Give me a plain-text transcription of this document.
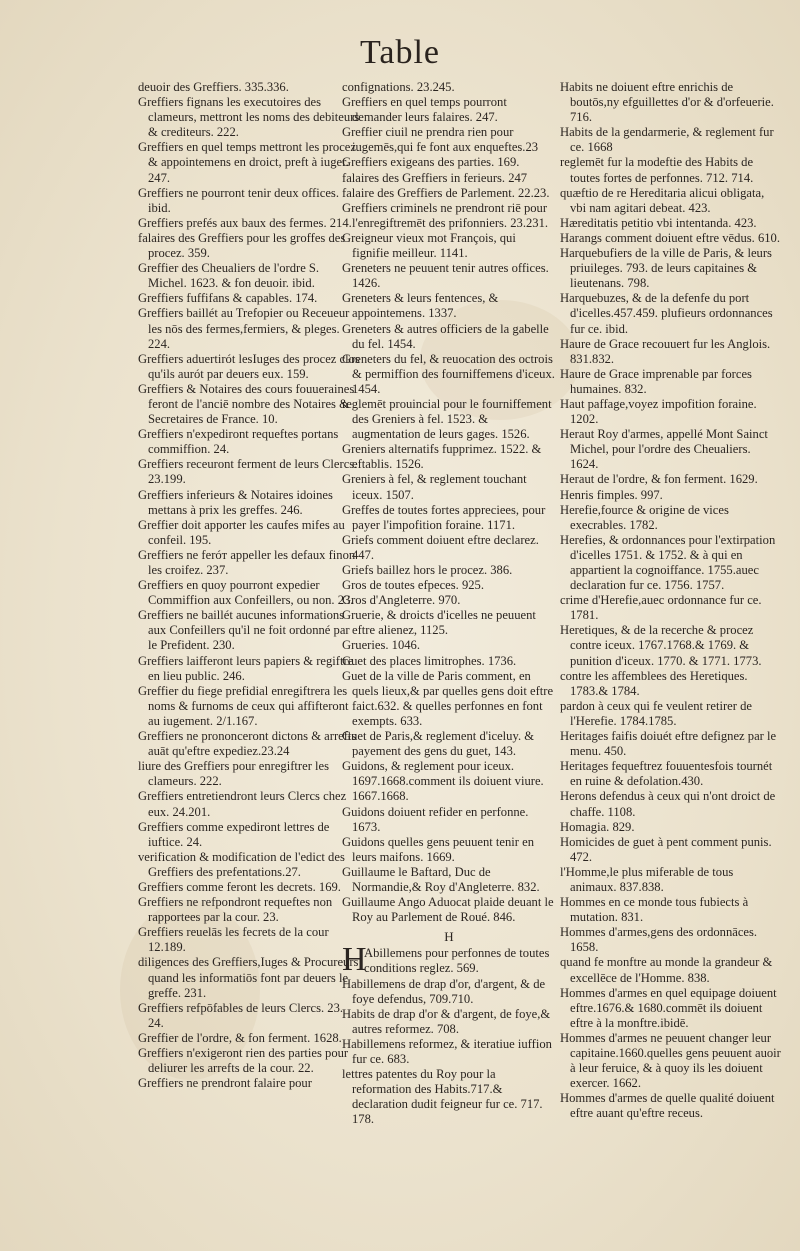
Table

deuoir des Greffiers. 335.336.

Greffiers fignans les executoires des clameurs, mettront les noms des debiteurs & crediteurs. 222.

Greffiers en quel temps mettront les procez & appointemens en droict, preft à iuger. 247.

Greffiers ne pourront tenir deux offices. ibid.

Greffiers prefés aux baux des fermes. 214.

falaires des Greffiers pour les groffes des procez. 359.

Greffier des Cheualiers de l'ordre S. Michel. 1623. & fon deuoir. ibid.

Greffiers fuffifans & capables. 174.

Greffiers baillét au Trefорier ou Receueur les nōs des fermes,fermiers, & pleges. 224.

Greffiers aduertirót lesIuges des procez clos qu'ils aurót par deuers eux. 159.

Greffiers & Notaires des cours fouueraines feront de l'anciē nombre des Notaires & Secretaires de France. 10.

Greffiers n'expediront requeftes portans commiffion. 24.

Greffiers receuront ferment de leurs Clercs. 23.199.

Greffiers inferieurs & Notaires idoines mettans à prix les greffes. 246.

Greffier doit apporter les caufes mifes au confeil. 195.

Greffiers ne feróт appeller les defaux finon les croifez. 237.

Greffiers en quoy pourront expedier Commiffion aux Confeillers, ou non. 23.

Greffiers ne baillét aucunes informations aux Confeillers qu'il ne foit ordonné par le Prefident. 230.

Greffiers laifferont leurs papiers & regiftre en lieu public. 246.

Greffier du fiege prefidial enregiftrera les noms & furnoms de ceux qui affifteront au iugement. 2/1.167.

Greffiers ne prononceront dictons & arrefts auāt qu'eftre expediez.23.24

liure des Greffiers pour enregiftrer les clameurs. 222.

Greffiers entretiendront leurs Clercs chez eux. 24.201.

Greffiers comme expediront lettres de iuftice. 24.

verification & modification de l'edict des Greffiers des prefentations.27.

Greffiers comme feront les decrets. 169.

Greffiers ne refpondront requeftes non rapportees par la cour. 23.

Greffiers reuelās les fecrets de la cour 12.189.

diligences des Greffiers,Iuges & Procureurs quand les informatiōs font par deuers le greffe. 231.

Greffiers refpōfables de leurs Clercs. 23. 24.

Greffier de l'ordre, & fon ferment. 1628.

Greffiers n'exigeront rien des parties pour deliurer les arrefts de la cour. 22.

Greffiers ne prendront falaire pour

confignations. 23.245.

Greffiers en quel temps pourront demander leurs falaires. 247.

Greffier ciuil ne prendra rien pour iugemēs,qui fe font aux enqueftes.23

Greffiers exigeans des parties. 169.

falaires des Greffiers in ferieurs. 247

falaire des Greffiers de Parlement. 22.23.

Greffiers criminels ne prendront riē pour l'enregiftremēt des prifonniers. 23.231.

Greigneur vieux mot François, qui fignifie meilleur. 1141.

Greneters ne peuuent tenir autres offices. 1426.

Greneters & leurs fentences, & appointemens. 1337.

Greneters & autres officiers de la gabelle du fel. 1454.

Greneters du fel, & reuocation des octrois & permiffion des fourniffemens d'iceux. 1454.

reglemēt prouincial pour le fourniffement des Greniers à fel. 1523. & augmentation de leurs gages. 1526.

Greniers alternatifs fupprimez. 1522. & eftablis. 1526.

Greniers à fel, & reglement touchant iceux. 1507.

Greffes de toutes fortes appreciees, pour payer l'impofition foraine. 1171.

Griefs comment doiuent eftre declarez. 447.

Griefs baillez hors le procez. 386.

Gros de toutes efpeces. 925.

Gros d'Angleterre. 970.

Gruerie, & droicts d'icelles ne peuuent eftre alienez, 1125.

Grueries. 1046.

Guet des places limitrophes. 1736.

Guet de la ville de Paris comment, en quels lieux,& par quelles gens doit eftre faict.632. & quelles perfonnes en font exempts. 633.

Guet de Paris,& reglement d'iceluy. & payement des gens du guet, 143.

Guidons, & reglement pour iceux. 1697.1668.comment ils doiuent viure. 1667.1668.

Guidons doiuent refider en perfonne. 1673.

Guidons quelles gens peuuent tenir en leurs maifons. 1669.

Guillaume le Baftard, Duc de Normandie,& Roy d'Angleterre. 832.

Guillaume Ango Aduocat plaide deuant le Roy au Parlement de Roué. 846.

H

H
Abillemens pour perfonnes de toutes conditions reglez. 569.

Habillemens de drap d'or, d'argent, & de foye defendus, 709.710.

Habits de drap d'or & d'argent, de foye,& autres reformez. 708.

Habillemens reformez, & iteratiue iuffion fur ce. 683.

lettres patentes du Roy pour la reformation des Habits.717.& declaration dudit feigneur fur ce. 717. 178.

Habits ne doiuent eftre enrichis de boutōs,ny efguillettes d'or & d'orfeuerie. 716.

Habits de la gendarmerie, & reglement fur ce. 1668

reglemēt fur la modeftie des Habits de toutes fortes de perfonnes. 712. 714.

quæftio de re Hereditaria alicui obligata, vbi nam agitari debeat. 423.

Hæreditatis petitio vbi intentanda. 423.

Harangs comment doiuent eftre vēdus. 610.

Harquebufiers de la ville de Paris, & leurs priuileges. 793. de leurs capitaines & lieutenans. 798.

Harquebuzes, & de la defenfe du port d'icelles.457.459. plufieurs ordonnances fur ce. ibid.

Haure de Grace recouuert fur les Anglois. 831.832.

Haure de Grace imprenable par forces humaines. 832.

Haut paffage,voyez impofition foraine. 1202.

Heraut Roy d'armes, appellé Mont Sainct Michel, pour l'ordre des Cheualiers. 1624.

Heraut de l'ordre, & fon ferment. 1629.

Henris fimples. 997.

Herefie,fource & origine de vices execrables. 1782.

Herefies, & ordonnances pour l'extirpation d'icelles 1751. & 1752. & à qui en appartient la cognoiffance. 1755.auec declaration fur ce. 1756. 1757.

crime d'Herefie,auec ordonnance fur ce. 1781.

Heretiques, & de la recerche & procez contre iceux. 1767.1768.& 1769. & punition d'iceux. 1770. & 1771. 1773.

contre les affemblees des Heretiques. 1783.& 1784.

pardon à ceux qui fe veulent retirer de l'Herefie. 1784.1785.

Heritages faifis doiuét eftre defignez par le menu. 450.

Heritages fequeftrez fouuentesfois tournét en ruine & defolation.430.

Herons defendus à ceux qui n'ont droict de chaffe. 1108.

Homagia. 829.

Homicides de guet à pent comment punis. 472.

l'Homme,le plus miferable de tous animaux. 837.838.

Hommes en ce monde tous fubiects à mutation. 831.

Hommes d'armes,gens des ordonnāces. 1658.

quand fe monftre au monde la grandeur & excellēce de l'Homme. 838.

Hommes d'armes en quel equipage doiuent eftre.1676.& 1680.commēt ils doiuent eftre à la monftre.ibidē.

Hommes d'armes ne peuuent changer leur capitaine.1660.quelles gens peuuent auoir à leur feruice, & à quoy ils les doiuent exercer. 1662.

Hommes d'armes de quelle qualité doiuent eftre auant qu'eftre receus.
